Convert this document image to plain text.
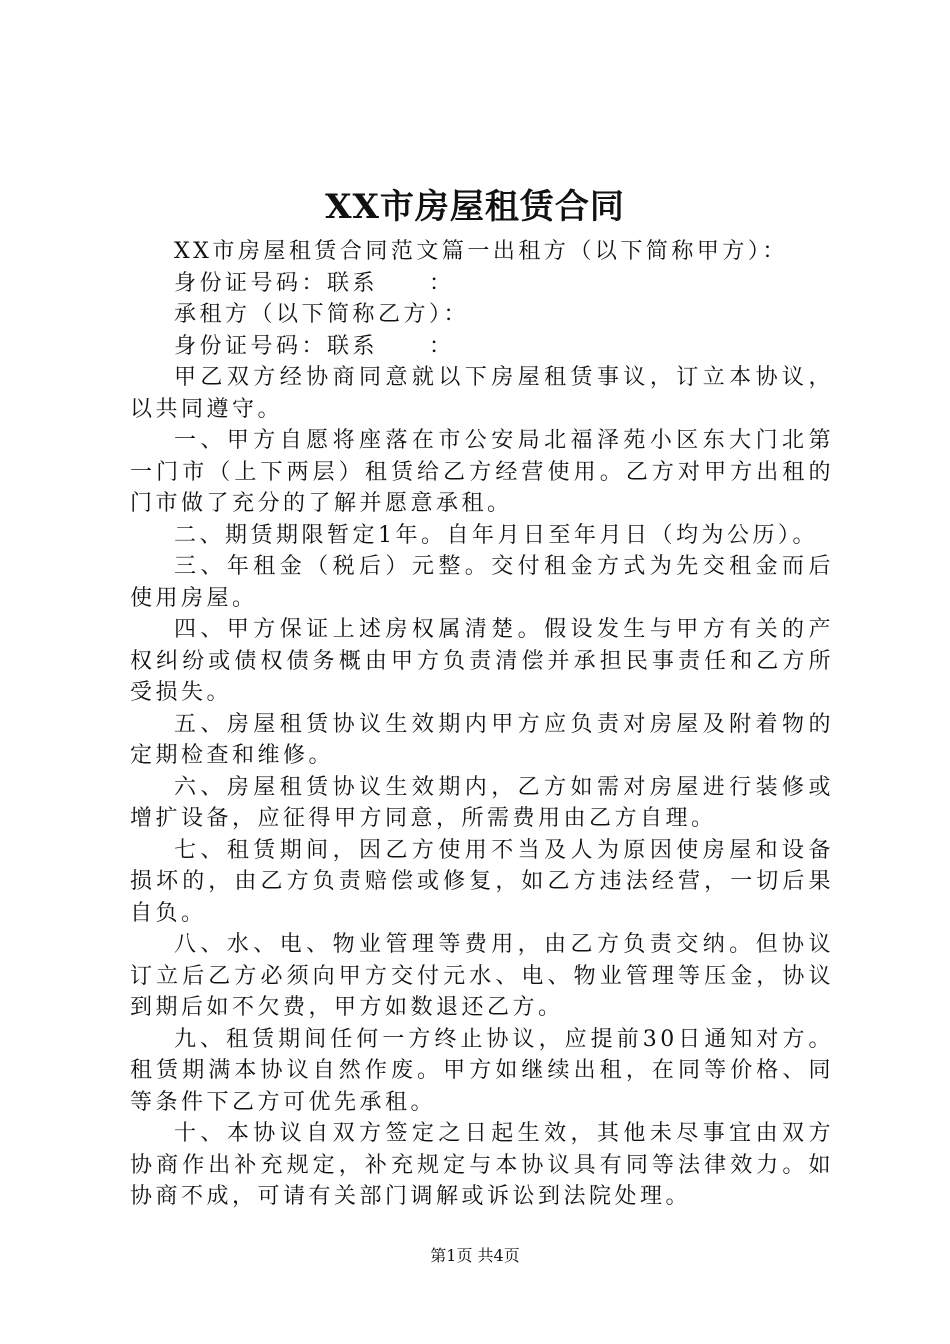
XX市房屋租赁合同

XX市房屋租赁合同范文篇一出租方（以下简称甲方）：

身份证号码：联系　　：

承租方（以下简称乙方）：

身份证号码：联系　　：

甲乙双方经协商同意就以下房屋租赁事议，订立本协议，以共同遵守。

一、甲方自愿将座落在市公安局北福泽苑小区东大门北第一门市（上下两层）租赁给乙方经营使用。乙方对甲方出租的门市做了充分的了解并愿意承租。

二、期赁期限暂定1年。自年月日至年月日（均为公历）。

三、年租金（税后）元整。交付租金方式为先交租金而后使用房屋。

四、甲方保证上述房权属清楚。假设发生与甲方有关的产权纠纷或债权债务概由甲方负责清偿并承担民事责任和乙方所受损失。

五、房屋租赁协议生效期内甲方应负责对房屋及附着物的定期检查和维修。

六、房屋租赁协议生效期内，乙方如需对房屋进行装修或增扩设备，应征得甲方同意，所需费用由乙方自理。

七、租赁期间，因乙方使用不当及人为原因使房屋和设备损坏的，由乙方负责赔偿或修复，如乙方违法经营，一切后果自负。

八、水、电、物业管理等费用，由乙方负责交纳。但协议订立后乙方必须向甲方交付元水、电、物业管理等压金，协议到期后如不欠费，甲方如数退还乙方。

九、租赁期间任何一方终止协议，应提前30日通知对方。租赁期满本协议自然作废。甲方如继续出租，在同等价格、同等条件下乙方可优先承租。

十、本协议自双方签定之日起生效，其他未尽事宜由双方协商作出补充规定，补充规定与本协议具有同等法律效力。如协商不成，可请有关部门调解或诉讼到法院处理。

第1页 共4页
